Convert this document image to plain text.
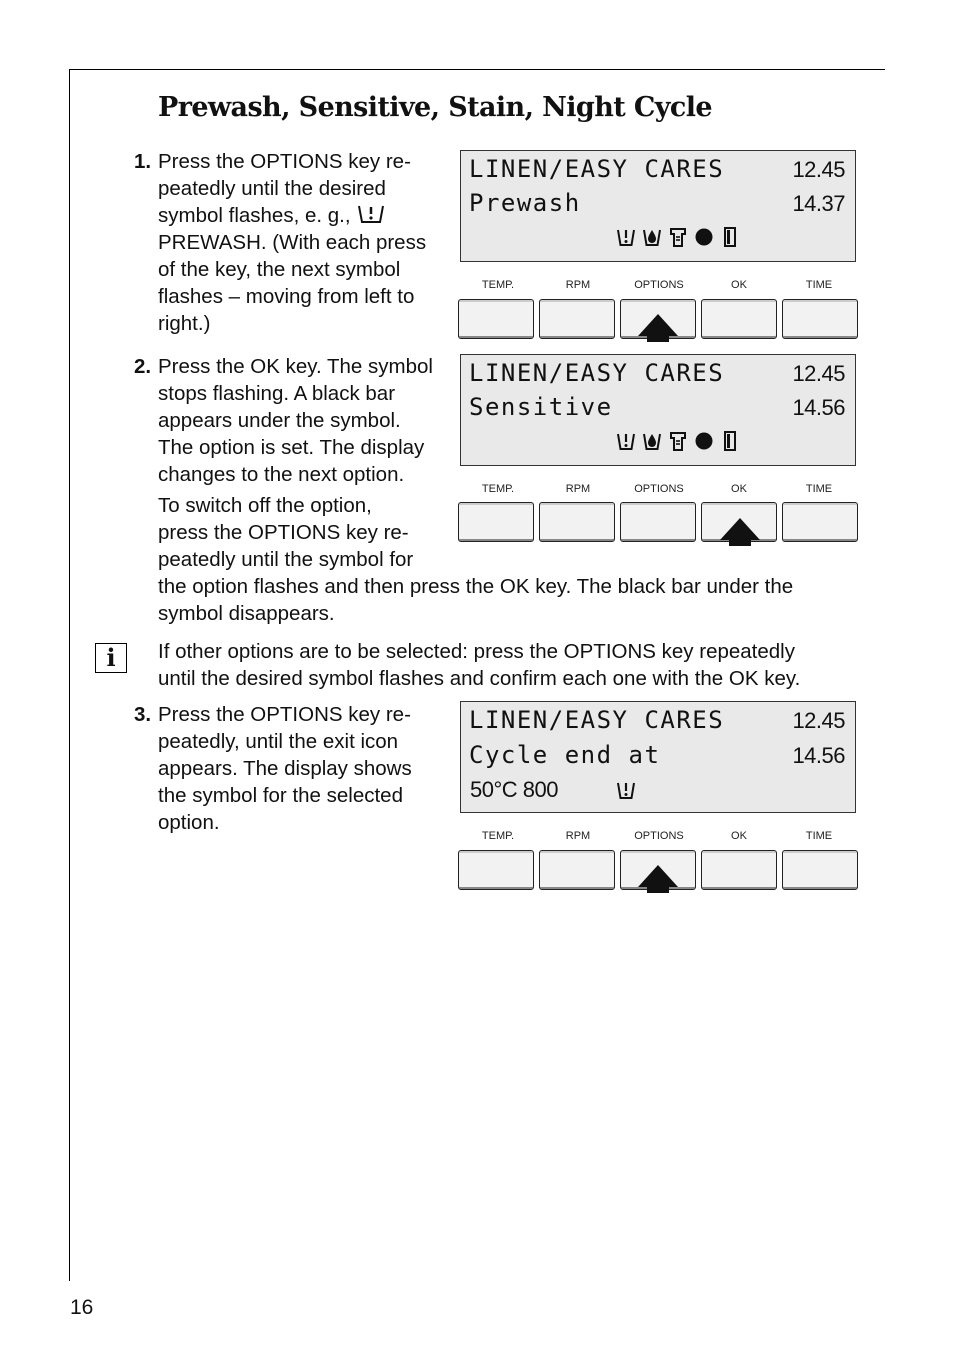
Prewash, Sensitive, Stain, Night Cycle
1. Press the OPTIONS key re-
peatedly until the desired
symbol flashes, e. g.,
PREWASH. (With each press
of the key, the next symbol
flashes – moving from left to
right.)
2. Press the OK key. The symbol
stops flashing. A black bar
appears under the symbol.
The option is set. The display
changes to the next option.
To switch off the option,
press the OPTIONS key re-
peatedly until the symbol for
the option flashes and then press the OK key. The black bar under the
symbol disappears.
i	If other options are to be selected: press the OPTIONS key repeatedly
until the desired symbol flashes and confirm each one with the OK key.
3. Press the OPTIONS key re-
peatedly, until the exit icon
appears. The display shows
the symbol for the selected
option.
LINEN/EASY CARES	12.45
Prewash	14.37
TEMP.	RPM	OPTIONS	OK	TIME
LINEN/EASY CARES	12.45
Sensitive	14.56
TEMP.	RPM	OPTIONS	OK	TIME
LINEN/EASY CARES	12.45
Cycle end at	14.56
50°C 800
TEMP.	RPM	OPTIONS	OK	TIME
16
